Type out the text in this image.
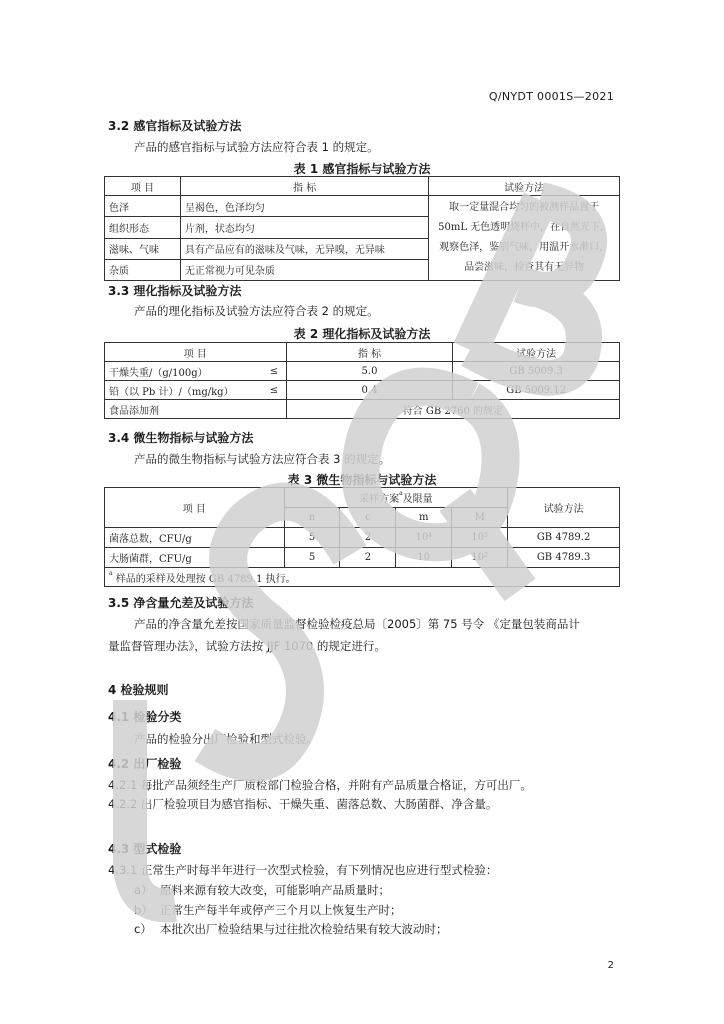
Q/NYDT 0001S—2021
3.2 感官指标及试验方法
产品的感官指标与试验方法应符合表 1 的规定。
表 1 感官指标与试验方法
项 目	指 标	试验方法
色泽	呈褐色，色泽均匀	取一定量混合均匀的被测样品置于 50mL 无色透明烧杯中，在自然光下，观察色泽，鉴别气味，用温开水漱口，品尝滋味，检查其有无异物
组织形态	片剂，状态均匀	
滋味、气味	具有产品应有的滋味及气味，无异嗅，无异味	
杂质	无正常视力可见杂质	
3.3 理化指标及试验方法
产品的理化指标及试验方法应符合表 2 的规定。
表 2 理化指标及试验方法
项 目		指 标	试验方法
干燥失重/（g/100g）	≤	5.0	GB 5009.3
铅（以 Pb 计）/（mg/kg）	≤	0.4	GB 5009.12
食品添加剂		符合 GB 2760 的规定	
3.4 微生物指标与试验方法
产品的微生物指标与试验方法应符合表 3 的规定。
表 3 微生物指标与试验方法
项 目	采样方案$^a$及限量				试验方法
	n	c	m	M	
菌落总数，CFU/g	5	2	$10^4$	$10^5$	GB 4789.2
大肠菌群，CFU/g	5	2	10	$10^2$	GB 4789.3
$^a$ 样品的采样及处理按 GB 4789.1 执行。					
3.5 净含量允差及试验方法
产品的净含量允差按国家质量监督检验检疫总局〔2005〕第 75 号令 《定量包装商品计
量监督管理办法》，试验方法按 JJF 1070 的规定进行。
4 检验规则
4.1 检验分类
产品的检验分出厂检验和型式检验。
4.2 出厂检验
4.2.1 每批产品须经生产厂质检部门检验合格，并附有产品质量合格证，方可出厂。
4.2.2 出厂检验项目为感官指标、干燥失重、菌落总数、大肠菌群、净含量。
4.3 型式检验
4.3.1 正常生产时每半年进行一次型式检验，有下列情况也应进行型式检验：
a） 原料来源有较大改变，可能影响产品质量时；
b） 正常生产每半年或停产三个月以上恢复生产时；
c） 本批次出厂检验结果与过往批次检验结果有较大波动时；
2
JSQB
